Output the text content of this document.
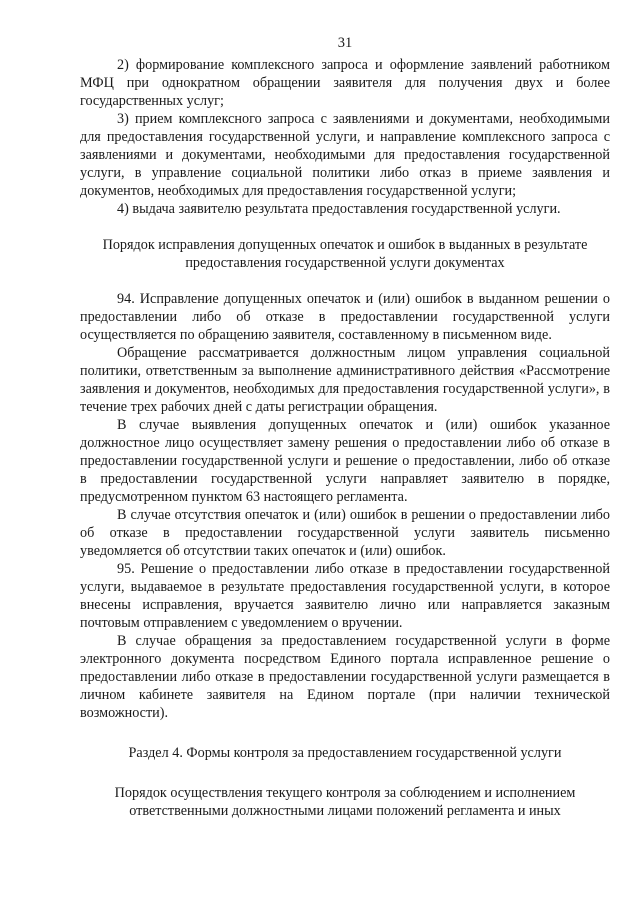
31

2) формирование комплексного запроса и оформление заявлений работником МФЦ при однократном обращении заявителя для получения двух и более государственных услуг;

3) прием комплексного запроса с заявлениями и документами, необходимыми для предоставления государственной услуги, и направление комплексного запроса с заявлениями и документами, необходимыми для предоставления государственной услуги, в управление социальной политики либо отказ в приеме заявления и документов, необходимых для предоставления государственной услуги;

4) выдача заявителю результата предоставления государственной услуги.

Порядок исправления допущенных опечаток и ошибок в выданных в результате предоставления государственной услуги документах

94. Исправление допущенных опечаток и (или) ошибок в выданном решении о предоставлении либо об отказе в предоставлении государственной услуги осуществляется по обращению заявителя, составленному в письменном виде.

Обращение рассматривается должностным лицом управления социальной политики, ответственным за выполнение административного действия «Рассмотрение заявления и документов, необходимых для предоставления государственной услуги», в течение трех рабочих дней с даты регистрации обращения.

В случае выявления допущенных опечаток и (или) ошибок указанное должностное лицо осуществляет замену решения о предоставлении либо об отказе в предоставлении государственной услуги и решение о предоставлении, либо об отказе в предоставлении государственной услуги направляет заявителю в порядке, предусмотренном пунктом 63 настоящего регламента.

В случае отсутствия опечаток и (или) ошибок в решении о предоставлении либо об отказе в предоставлении государственной услуги заявитель письменно уведомляется об отсутствии таких опечаток и (или) ошибок.

95. Решение о предоставлении либо отказе в предоставлении государственной услуги, выдаваемое в результате предоставления государственной услуги, в которое внесены исправления, вручается заявителю лично или направляется заказным почтовым отправлением с уведомлением о вручении.

В случае обращения за предоставлением государственной услуги в форме электронного документа посредством Единого портала исправленное решение о предоставлении либо отказе в предоставлении государственной услуги размещается в личном кабинете заявителя на Едином портале (при наличии технической возможности).

Раздел 4. Формы контроля за предоставлением государственной услуги

Порядок осуществления текущего контроля за соблюдением и исполнением ответственными должностными лицами положений регламента и иных
